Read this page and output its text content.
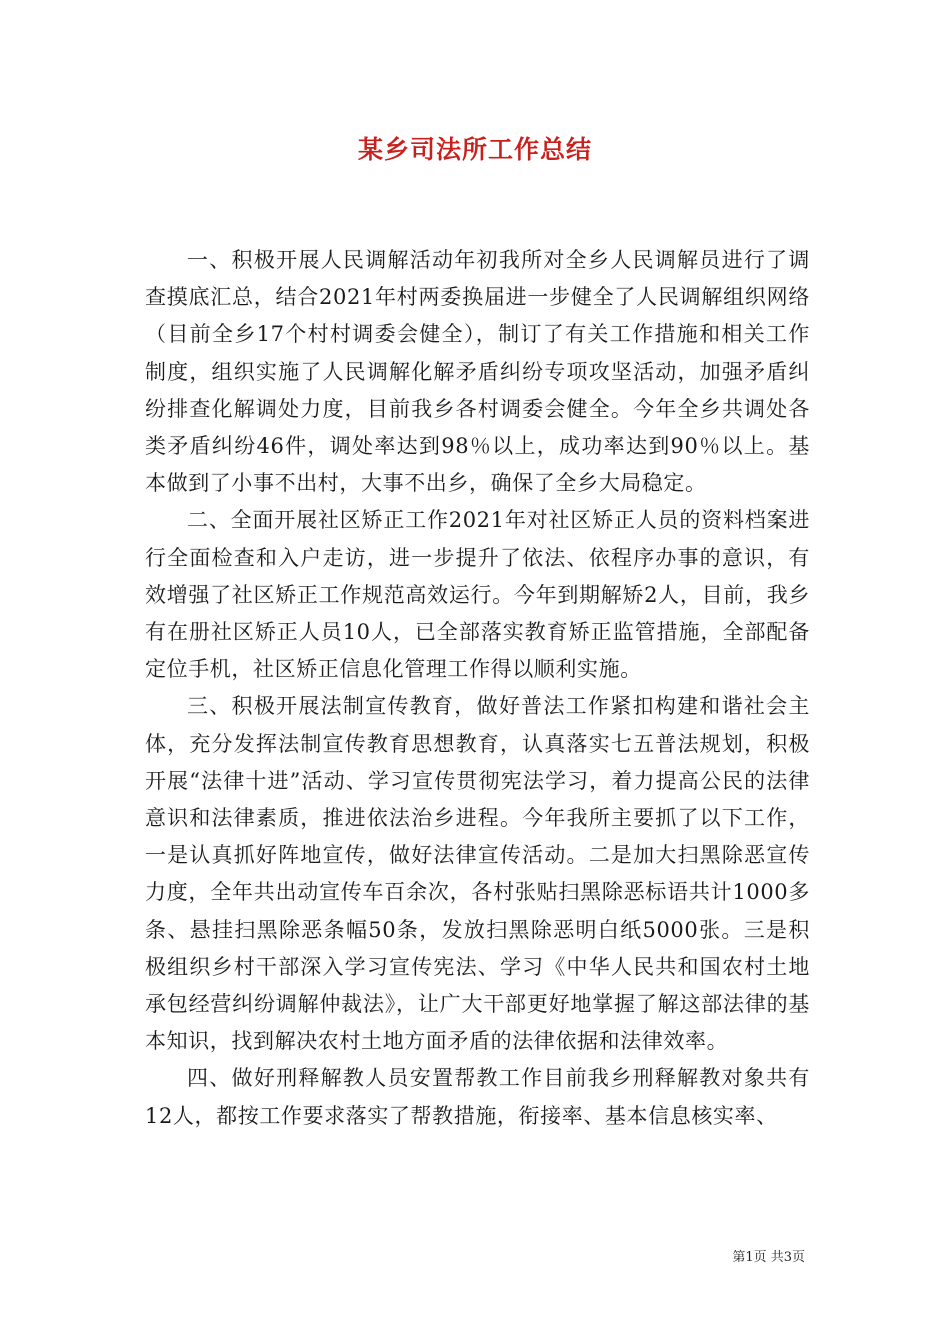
某乡司法所工作总结

一、积极开展人民调解活动年初我所对全乡人民调解员进行了调查摸底汇总，结合2021年村两委换届进一步健全了人民调解组织网络（目前全乡17个村村调委会健全），制订了有关工作措施和相关工作制度，组织实施了人民调解化解矛盾纠纷专项攻坚活动，加强矛盾纠纷排查化解调处力度，目前我乡各村调委会健全。今年全乡共调处各类矛盾纠纷46件，调处率达到98％以上，成功率达到90％以上。基本做到了小事不出村，大事不出乡，确保了全乡大局稳定。

二、全面开展社区矫正工作2021年对社区矫正人员的资料档案进行全面检查和入户走访，进一步提升了依法、依程序办事的意识，有效增强了社区矫正工作规范高效运行。今年到期解矫2人，目前，我乡有在册社区矫正人员10人，已全部落实教育矫正监管措施，全部配备定位手机，社区矫正信息化管理工作得以顺利实施。

三、积极开展法制宣传教育，做好普法工作紧扣构建和谐社会主体，充分发挥法制宣传教育思想教育，认真落实七五普法规划，积极开展“法律十进”活动、学习宣传贯彻宪法学习，着力提高公民的法律意识和法律素质，推进依法治乡进程。今年我所主要抓了以下工作，一是认真抓好阵地宣传，做好法律宣传活动。二是加大扫黑除恶宣传力度，全年共出动宣传车百余次，各村张贴扫黑除恶标语共计1000多条、悬挂扫黑除恶条幅50条，发放扫黑除恶明白纸5000张。三是积极组织乡村干部深入学习宣传宪法、学习《中华人民共和国农村土地承包经营纠纷调解仲裁法》，让广大干部更好地掌握了解这部法律的基本知识，找到解决农村土地方面矛盾的法律依据和法律效率。

四、做好刑释解教人员安置帮教工作目前我乡刑释解教对象共有12人，都按工作要求落实了帮教措施，衔接率、基本信息核实率、

第1页 共3页
